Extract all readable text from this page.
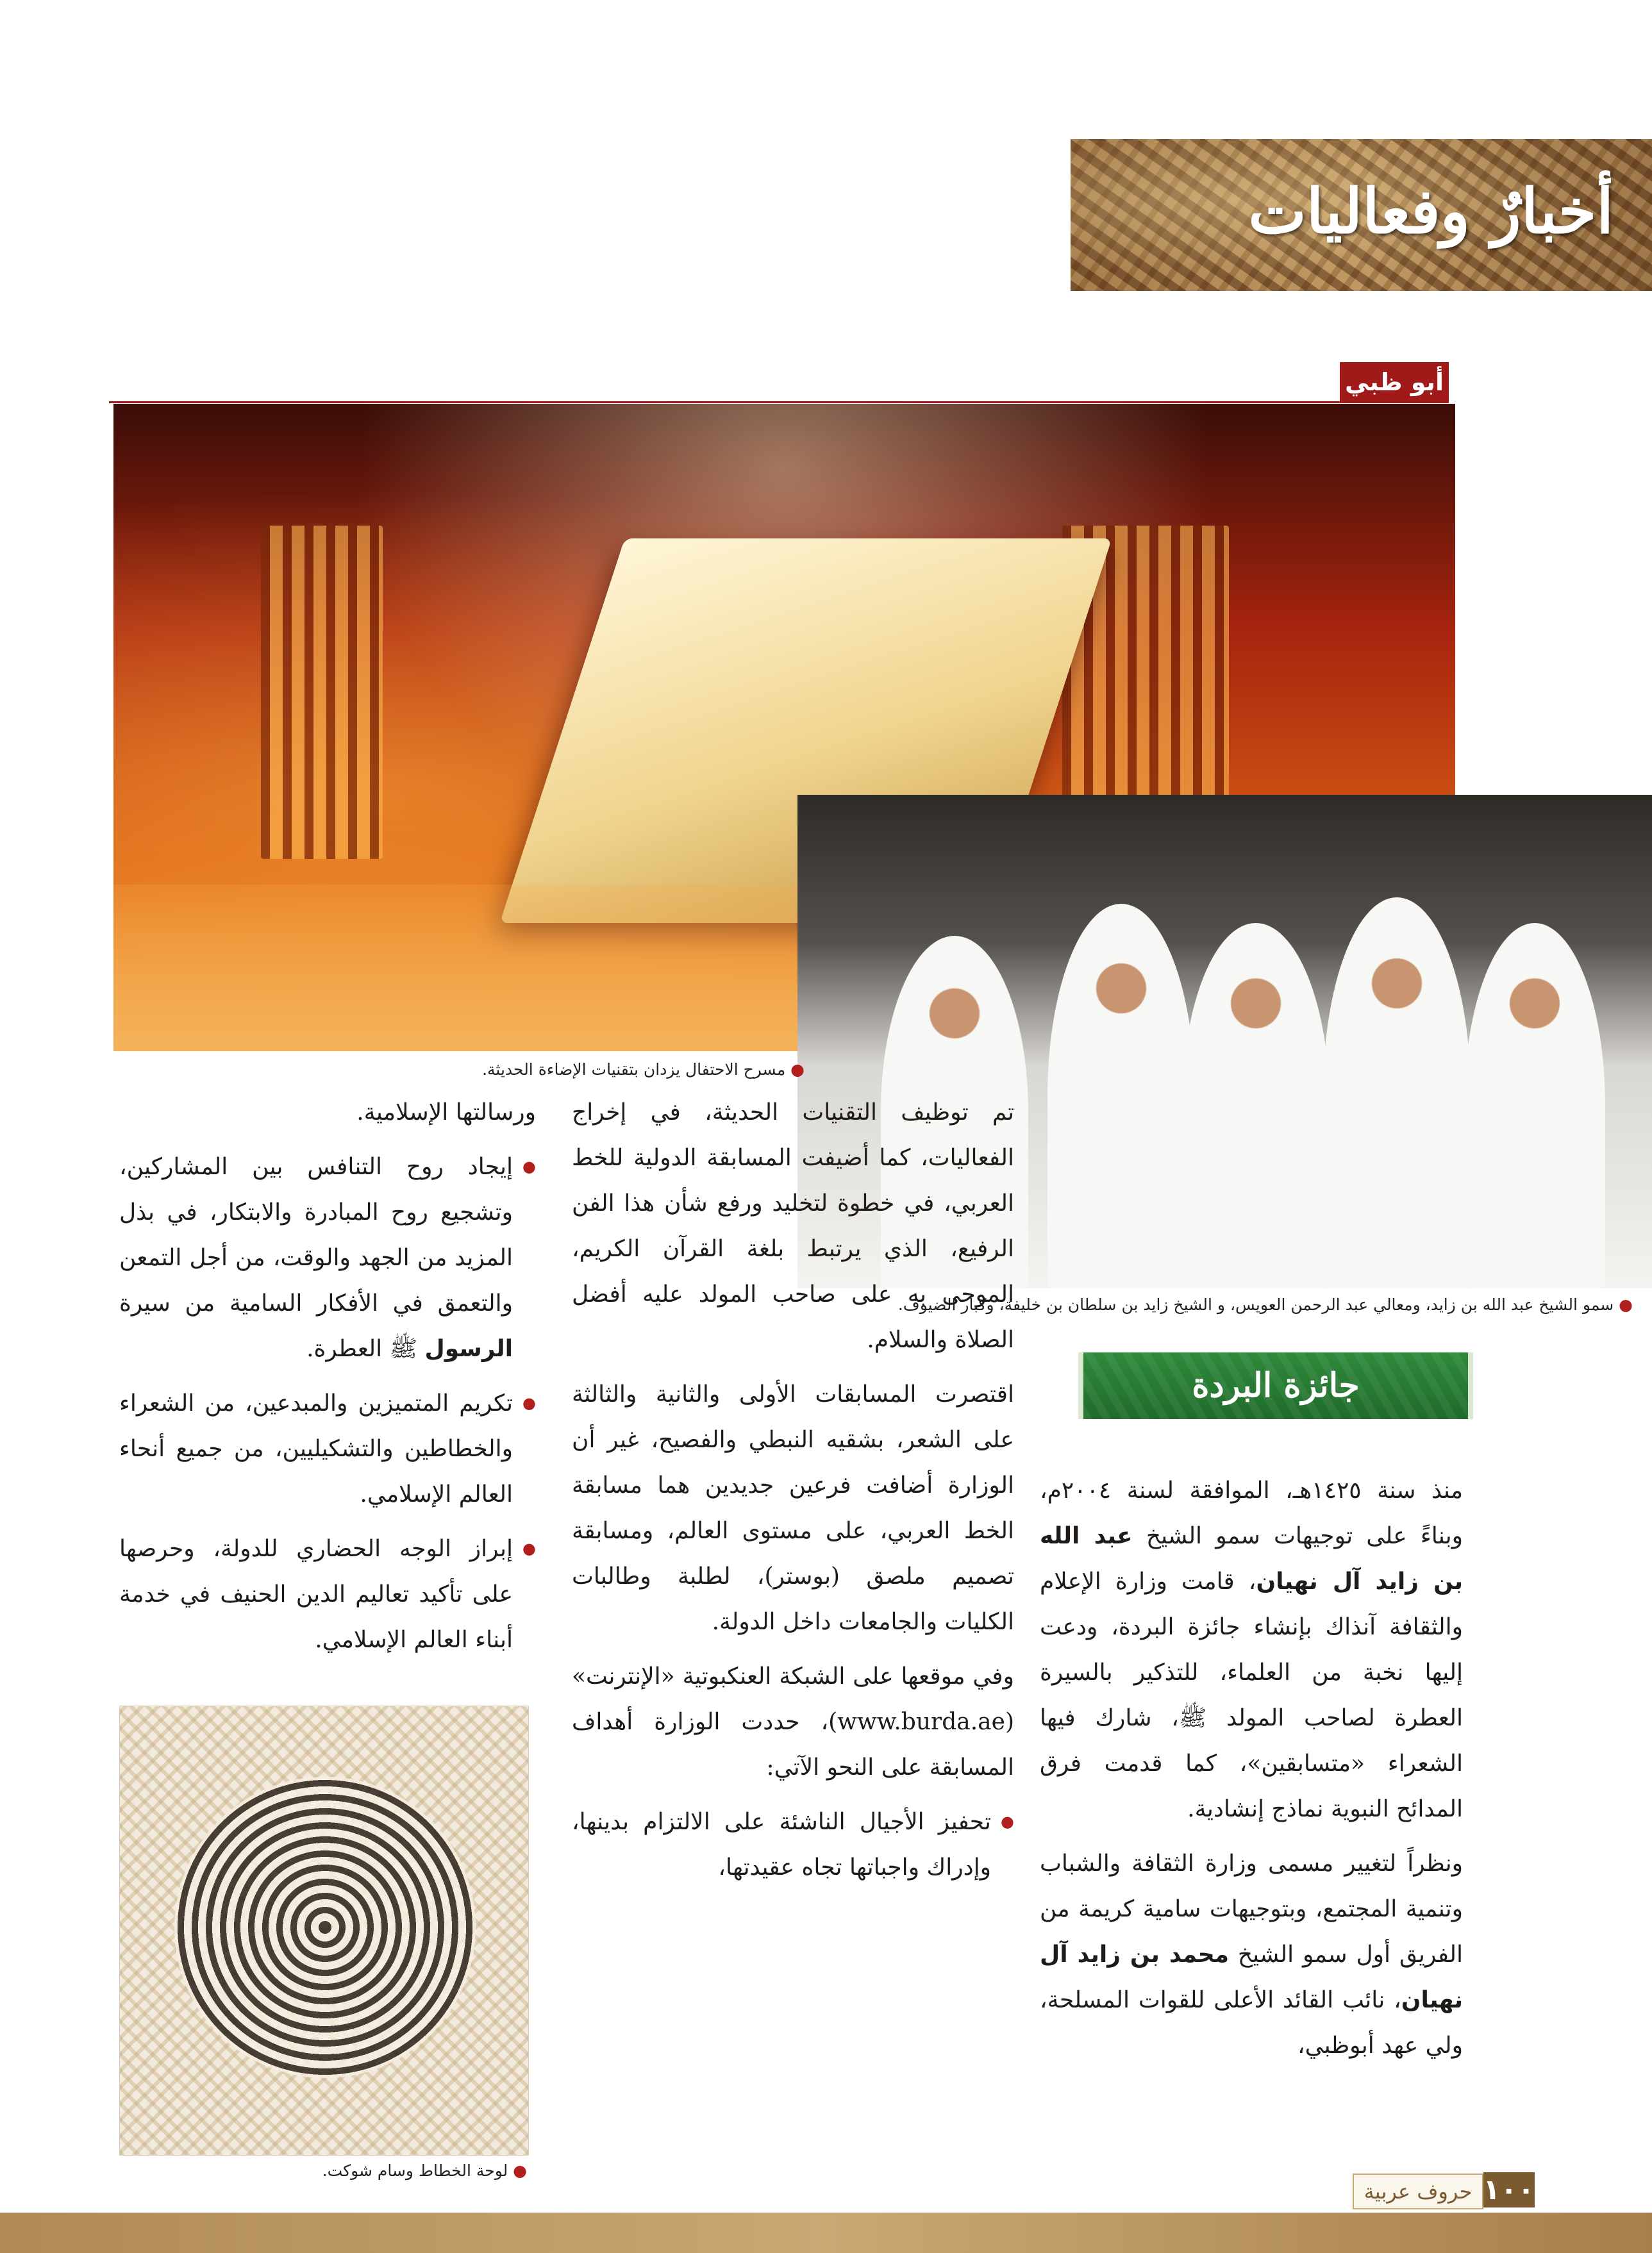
أخبارٌ وفعاليات
أبو ظبي
● مسرح الاحتفال يزدان بتقنيات الإضاءة الحديثة.
● سمو الشيخ عبد الله بن زايد، ومعالي عبد الرحمن العويس، و الشيخ زايد بن سلطان بن خليفة، وكبار الضيوف.
● لوحة الخطاط وسام شوكت.
جائزة البردة

منذ سنة ١٤٢٥هـ، الموافقة لسنة ٢٠٠٤م، وبناءً على توجيهات سمو الشيخ عبد الله بن زايد آل نهيان، قامت وزارة الإعلام والثقافة آنذاك بإنشاء جائزة البردة، ودعت إليها نخبة من العلماء، للتذكير بالسيرة العطرة لصاحب المولد ﷺ، شارك فيها الشعراء «متسابقين»، كما قدمت فرق المدائح النبوية نماذج إنشادية.

ونظراً لتغيير مسمى وزارة الثقافة والشباب وتنمية المجتمع، وبتوجيهات سامية كريمة من الفريق أول سمو الشيخ محمد بن زايد آل نهيان، نائب القائد الأعلى للقوات المسلحة، ولي عهد أبوظبي،

تم توظيف التقنيات الحديثة، في إخراج الفعاليات، كما أضيفت المسابقة الدولية للخط العربي، في خطوة لتخليد ورفع شأن هذا الفن الرفيع، الذي يرتبط بلغة القرآن الكريم، الموحى به على صاحب المولد عليه أفضل الصلاة والسلام.

اقتصرت المسابقات الأولى والثانية والثالثة على الشعر، بشقيه النبطي والفصيح، غير أن الوزارة أضافت فرعين جديدين هما مسابقة الخط العربي، على مستوى العالم، ومسابقة تصميم ملصق (بوستر)، لطلبة وطالبات الكليات والجامعات داخل الدولة.

وفي موقعها على الشبكة العنكبوتية «الإنترنت» (www.burda.ae)، حددت الوزارة أهداف المسابقة على النحو الآتي:

● تحفيز الأجيال الناشئة على الالتزام بدينها، وإدراك واجباتها تجاه عقيدتها،

ورسالتها الإسلامية.

● إيجاد روح التنافس بين المشاركين، وتشجيع روح المبادرة والابتكار، في بذل المزيد من الجهد والوقت، من أجل التمعن والتعمق في الأفكار السامية من سيرة الرسول ﷺ العطرة.

● تكريم المتميزين والمبدعين، من الشعراء والخطاطين والتشكيليين، من جميع أنحاء العالم الإسلامي.

● إبراز الوجه الحضاري للدولة، وحرصها على تأكيد تعاليم الدين الحنيف في خدمة أبناء العالم الإسلامي.

حروف عربية ١٠٠
